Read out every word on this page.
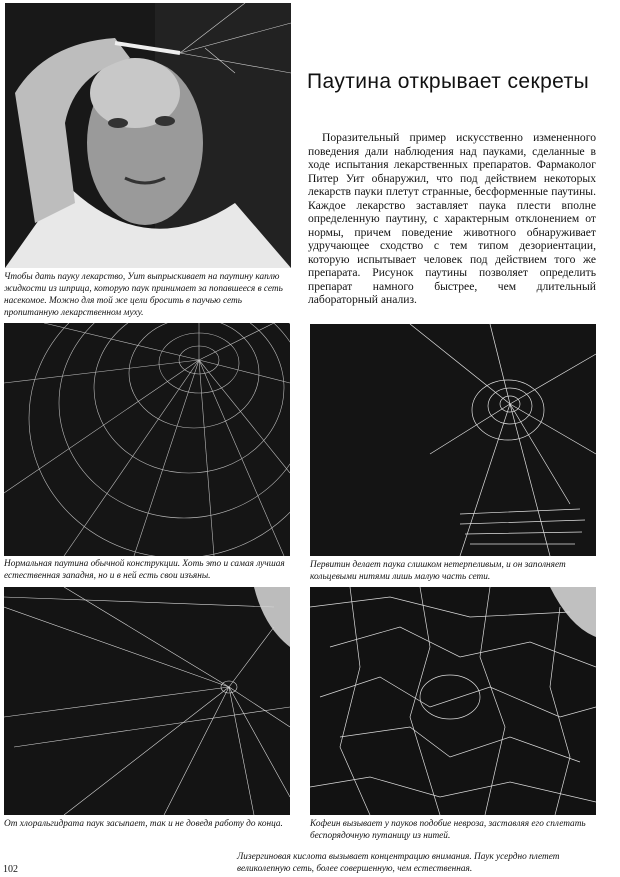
Чтобы дать пауку лекарство, Уит выпрыскивает на паутину каплю жидкости из шприца, которую паук принимает за попавшееся в сеть насекомое. Можно для той же цели бросить в паучью сеть пропитанную лекарственном муху.

Паутина открывает секреты

Поразительный пример искусственно измененного поведения дали наблюдения над пауками, сделанные в ходе испытания лекарственных препаратов. Фармаколог Питер Уит обнаружил, что под действием некоторых лекарств пауки плетут странные, бесформенные паутины. Каждое лекарство заставляет паука плести вполне определенную паутину, с характерным отклонением от нормы, причем поведение животного обнаруживает удручающее сходство с тем типом дезориентации, которую испытывает человек под действием того же препарата. Рисунок паутины позволяет определить препарат намного быстрее, чем длительный лабораторный анализ.

Нормальная паутина обычной конструкции. Хоть это и самая лучшая естественная западня, но и в ней есть свои изъяны.

Первитин делает паука слишком нетерпеливым, и он заполняет кольцевыми нитями лишь малую часть сети.

От хлоральгидрата паук засыпает, так и не доведя работу до конца.	Кофеин вызывает у пауков подобие невроза, заставляя его сплетать беспорядочную путаницу из нитей.

102

Лизергиновая кислота вызывает концентрацию внимания. Паук усердно плетет великолепную сеть, более совершенную, чем естественная.
